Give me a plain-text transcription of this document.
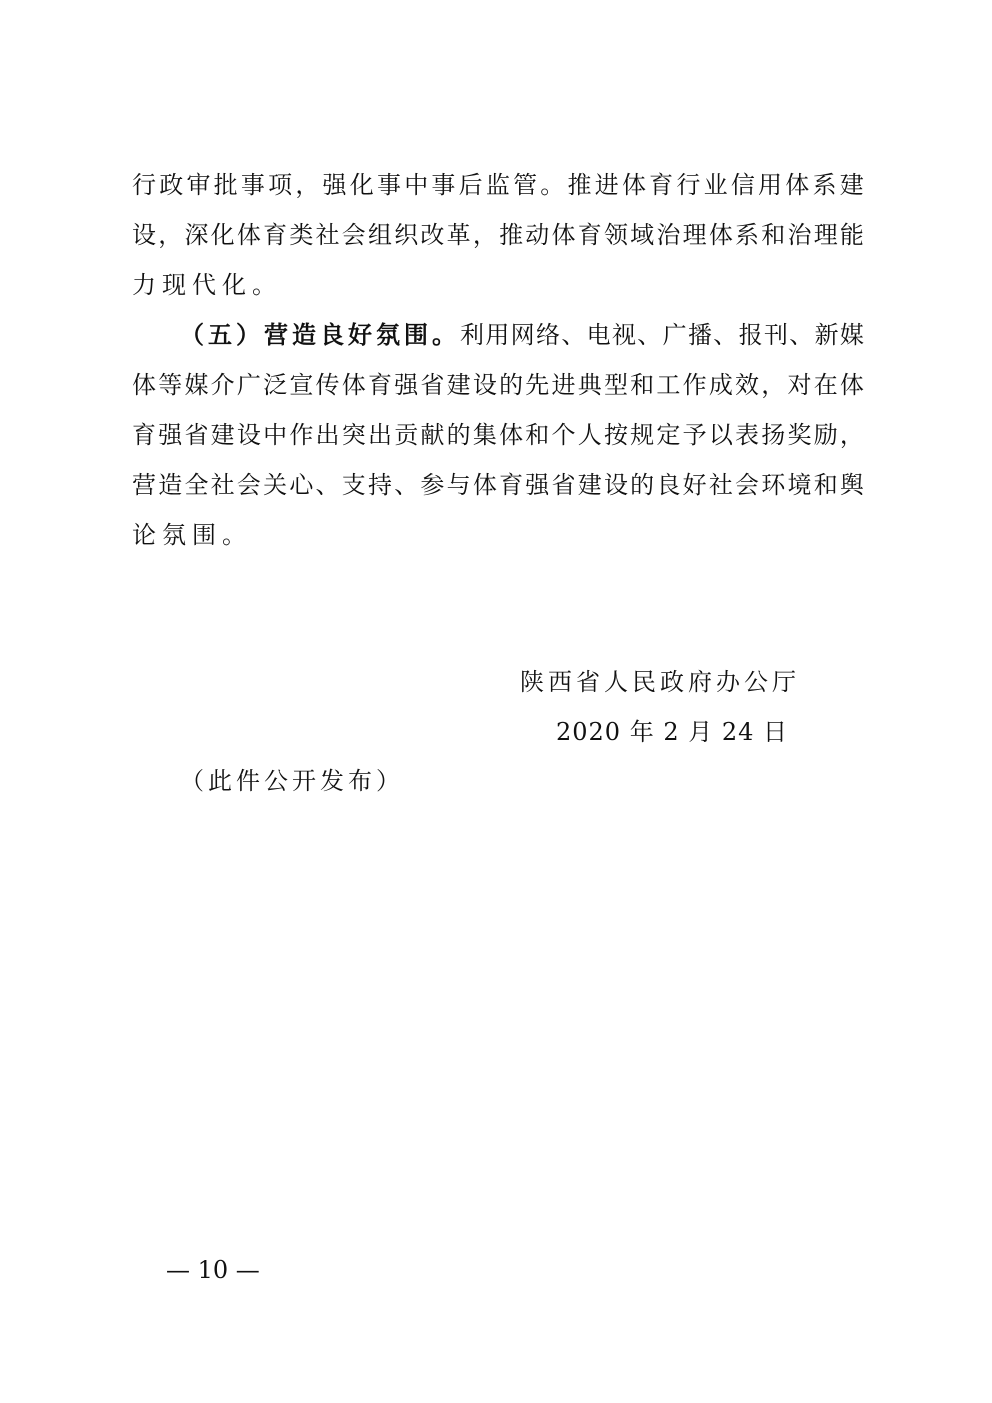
行 政 审 批 事 项 ， 强 化 事 中 事 后 监 管 。 推 进 体 育 行 业 信 用 体 系 建
设 ， 深 化 体 育 类 社 会 组 织 改 革 ， 推 动 体 育 领 域 治 理 体 系 和 治 理 能
力现代化。
（五）营造良好氛围。 利 用 网 络 、 电 视 、 广 播 、 报 刊 、 新 媒
体 等 媒 介 广 泛 宣 传 体 育 强 省 建 设 的 先 进 典 型 和 工 作 成 效 ， 对 在 体
育 强 省 建 设 中 作 出 突 出 贡 献 的 集 体 和 个 人 按 规 定 予 以 表 扬 奖 励 ，
营 造 全 社 会 关 心 、 支 持 、 参 与 体 育 强 省 建 设 的 良 好 社 会 环 境 和 舆
论氛围。
陕西省人民政府办公厅
2020 年 2 月 24 日
（此件公开发布）
— 10 —
